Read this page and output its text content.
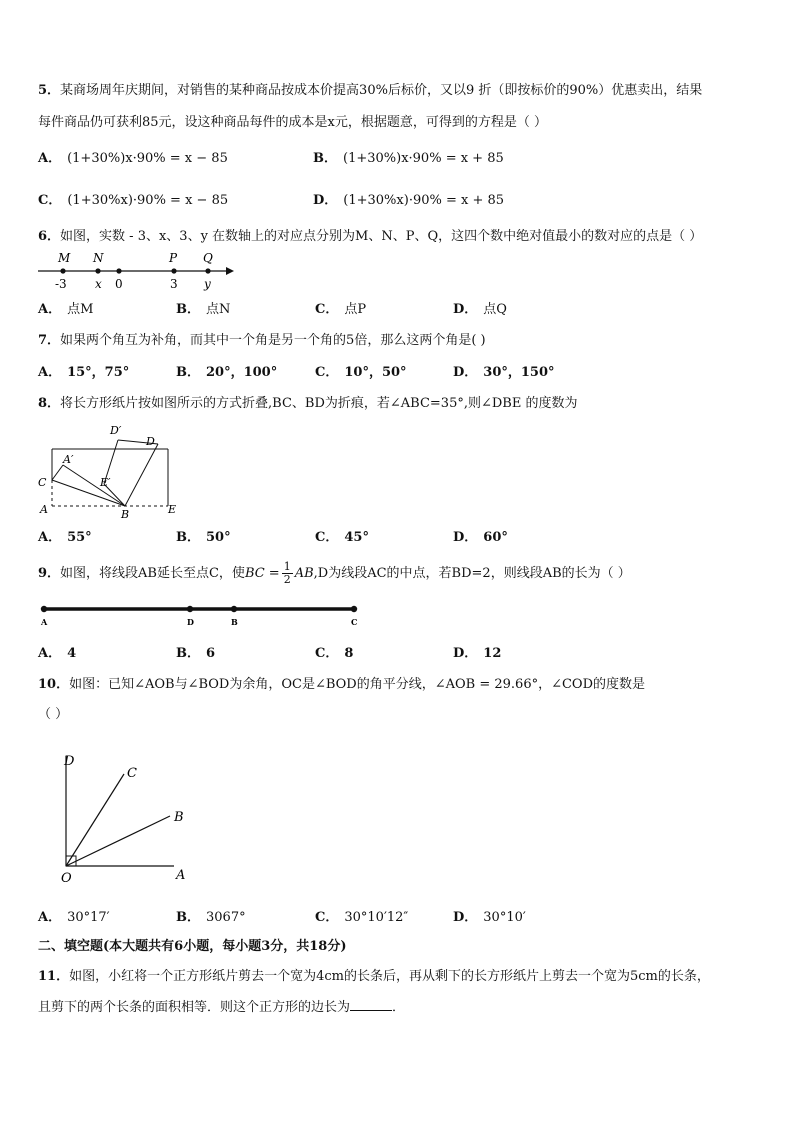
5．某商场周年庆期间，对销售的某种商品按成本价提高30%后标价，又以9 折（即按标价的90%）优惠卖出，结果
每件商品仍可获利85元，设这种商品每件的成本是x元，根据题意，可得到的方程是（ ）
A． (1+30%)x·90% = x − 85	B． (1+30%)x·90% = x + 85
C． (1+30%x)·90% = x − 85	D． (1+30%x)·90% = x + 85
6．如图，实数 - 3、x、3、y 在数轴上的对应点分别为M、N、P、Q，这四个数中绝对值最小的数对应的点是（ ）
M N	P Q
-3 x 0	3 y
A． 点M	B． 点N	C． 点P	D． 点Q
7．如果两个角互为补角，而其中一个角是另一个角的5倍，那么这两个角是( )
A． 15°，75°	B． 20°，100°	C． 10°，50°	D． 30°，150°
8．将长方形纸片按如图所示的方式折叠,BC、BD为折痕，若∠ABC=35°,则∠DBE 的度数为
D′
D
A′
C	E′
A	B	E
A． 55°	B． 50°	C． 45°	D． 60°
9．如图，将线段AB延长至点C，使BC = $\frac{1}{2} AB,D$为线段AC的中点，若BD=2，则线段AB的长为（ ）
A	D	B	C
A． 4	B． 6	C． 8	D． 12
10．如图：已知∠AOB与∠BOD为余角，OC是∠BOD的角平分线，∠AOB = 29.66°，∠COD的度数是
（ ）
D
C
B
O	A
A． 30°17′	B． 3067°	C． 30°10′12″	D． 30°10′
二、填空题(本大题共有6小题，每小题3分，共18分)
11．如图，小红将一个正方形纸片剪去一个宽为4cm的长条后，再从剩下的长方形纸片上剪去一个宽为5cm的长条，
且剪下的两个长条的面积相等．则这个正方形的边长为	．
